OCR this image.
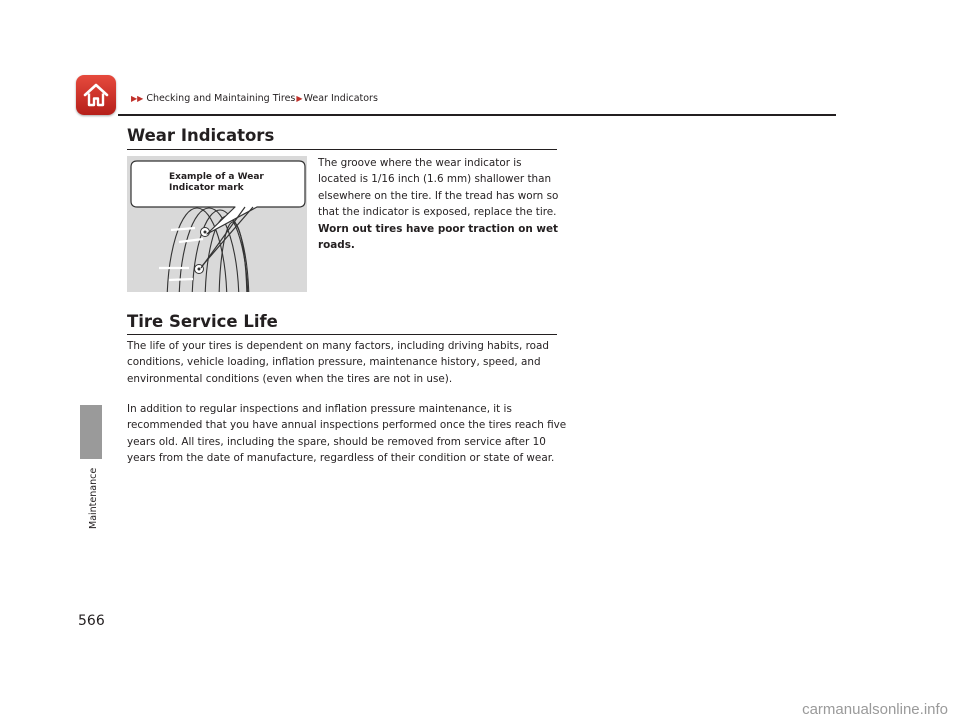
▶▶ Checking and Maintaining Tires▶Wear Indicators
Maintenance
566
Wear Indicators
Example of a Wear Indicator mark

The groove where the wear indicator is located is 1/16 inch (1.6 mm) shallower than elsewhere on the tire. If the tread has worn so that the indicator is exposed, replace the tire. Worn out tires have poor traction on wet roads.

Tire Service Life

The life of your tires is dependent on many factors, including driving habits, road conditions, vehicle loading, inflation pressure, maintenance history, speed, and environmental conditions (even when the tires are not in use).

In addition to regular inspections and inflation pressure maintenance, it is recommended that you have annual inspections performed once the tires reach five years old. All tires, including the spare, should be removed from service after 10 years from the date of manufacture, regardless of their condition or state of wear.

carmanualsonline.info
